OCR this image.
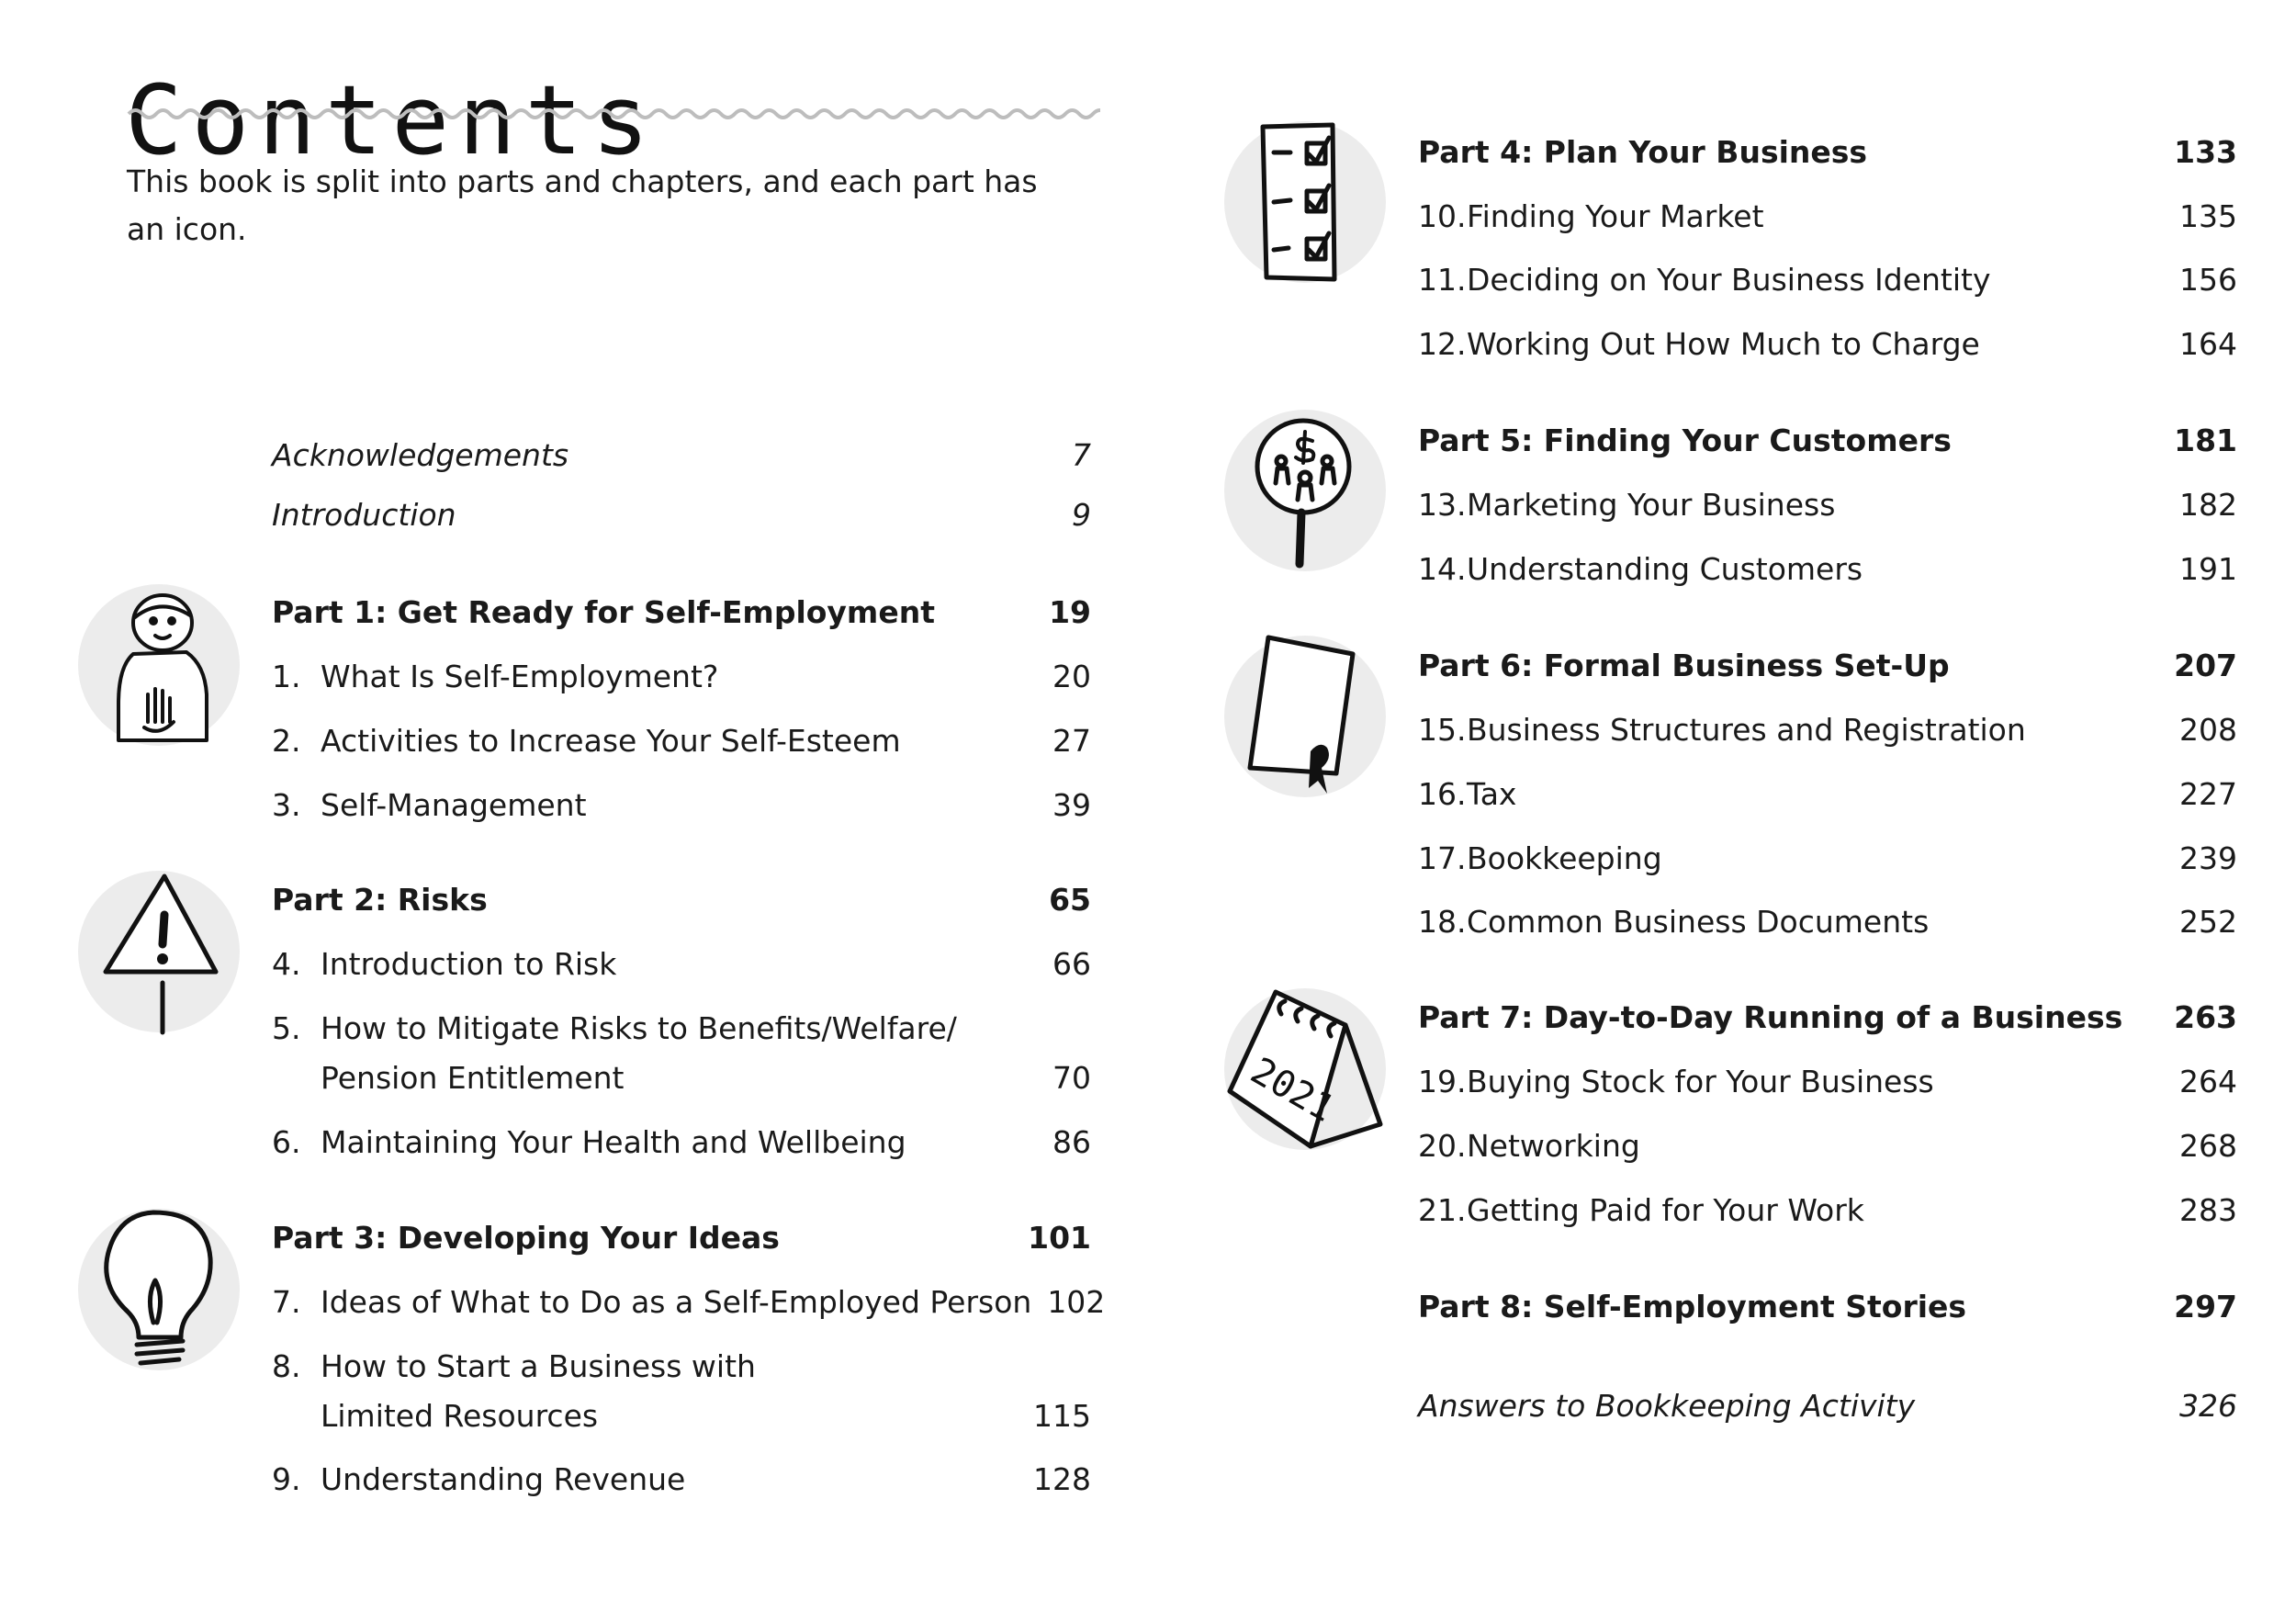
Contents
This book is split into parts and chapters, and each part has an icon.
Acknowledgements	7
Introduction	9
Part 1: Get Ready for Self-Employment	19
1. What Is Self-Employment?	20
2. Activities to Increase Your Self-Esteem	27
3. Self-Management	39
Part 2: Risks	65
4. Introduction to Risk	66
5. How to Mitigate Risks to Benefits/Welfare/
Pension Entitlement	70
6. Maintaining Your Health and Wellbeing	86
Part 3: Developing Your Ideas	101
7. Ideas of What to Do as a Self-Employed Person 102
8. How to Start a Business with
Limited Resources	115
9. Understanding Revenue	128
Part 4: Plan Your Business	133
10.Finding Your Market	135
11.Deciding on Your Business Identity	156
12.Working Out How Much to Charge	164
Part 5: Finding Your Customers	181
13.Marketing Your Business	182
14.Understanding Customers	191
Part 6: Formal Business Set-Up	207
15.Business Structures and Registration	208
16.Tax	227
17.Bookkeeping	239
18.Common Business Documents	252
2021
Part 7: Day-to-Day Running of a Business	263
19.Buying Stock for Your Business	264
20.Networking	268
21.Getting Paid for Your Work	283
Part 8: Self-Employment Stories	297
Answers to Bookkeeping Activity	326
